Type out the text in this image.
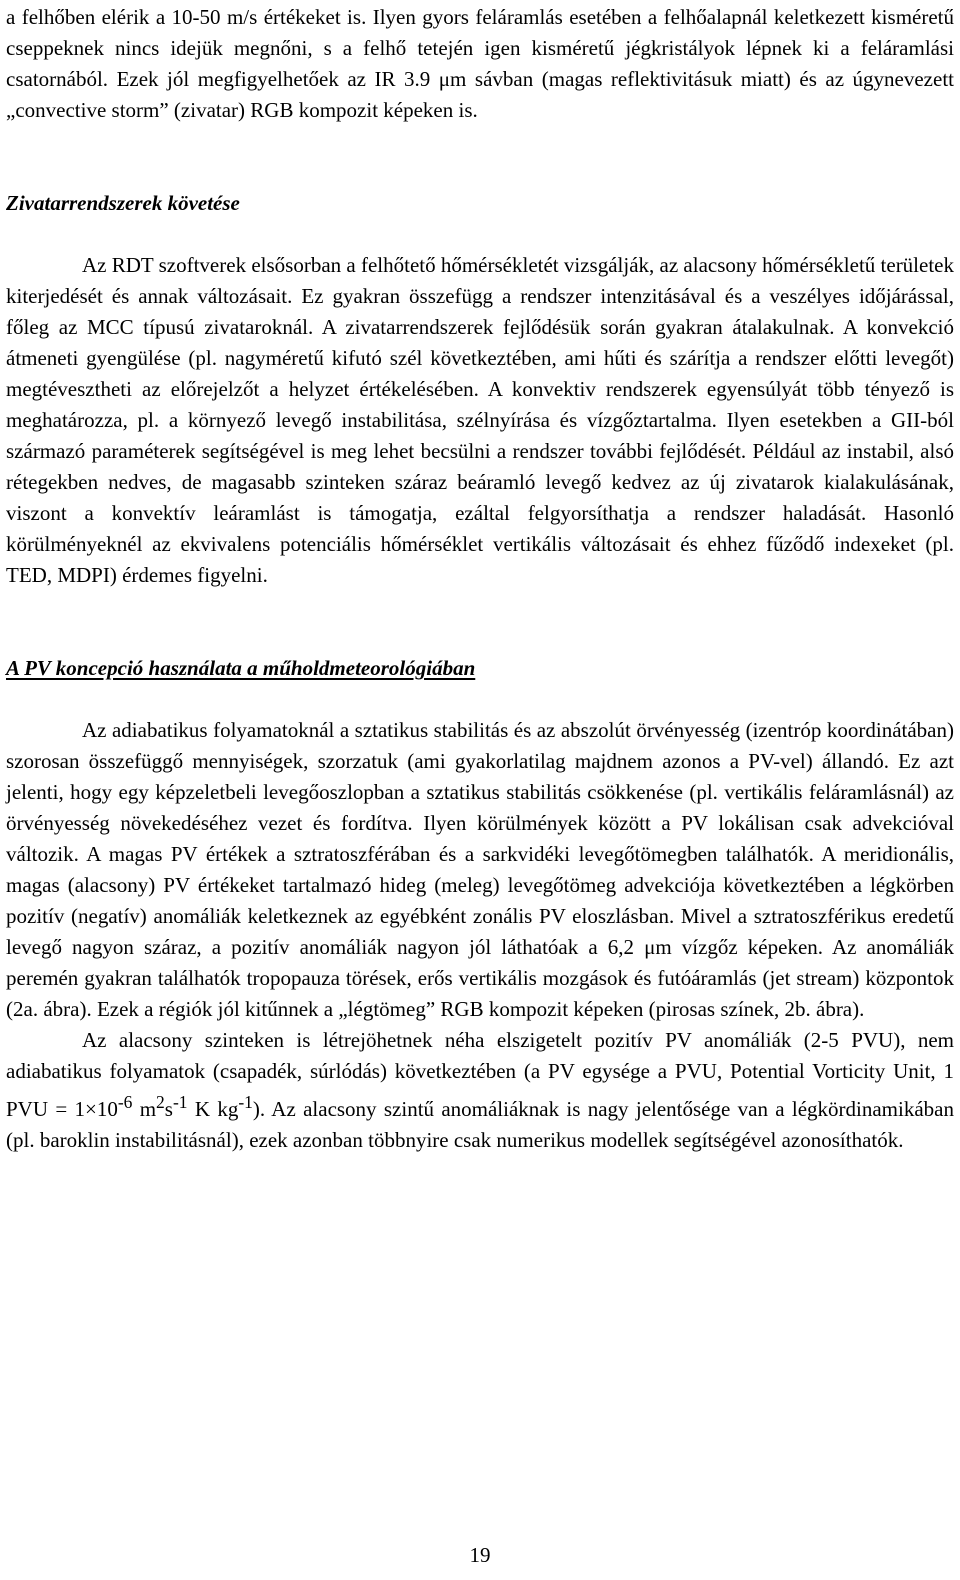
a felhőben elérik a 10-50 m/s értékeket is. Ilyen gyors feláramlás esetében a felhőalapnál keletkezett kisméretű cseppeknek nincs idejük megnőni, s a felhő tetején igen kisméretű jégkristályok lépnek ki a feláramlási csatornából. Ezek jól megfigyelhetőek az IR 3.9 μm sávban (magas reflektivitásuk miatt) és az úgynevezett „convective storm” (zivatar) RGB kompozit képeken is.

Zivatarrendszerek követése

Az RDT szoftverek elsősorban a felhőtető hőmérsékletét vizsgálják, az alacsony hőmérsékletű területek kiterjedését és annak változásait. Ez gyakran összefügg a rendszer intenzitásával és a veszélyes időjárással, főleg az MCC típusú zivataroknál. A zivatarrendszerek fejlődésük során gyakran átalakulnak. A konvekció átmeneti gyengülése (pl. nagyméretű kifutó szél következtében, ami hűti és szárítja a rendszer előtti levegőt) megtévesztheti az előrejelzőt a helyzet értékelésében. A konvektiv rendszerek egyensúlyát több tényező is meghatározza, pl. a környező levegő instabilitása, szélnyírása és vízgőztartalma. Ilyen esetekben a GII-ból származó paraméterek segítségével is meg lehet becsülni a rendszer további fejlődését. Például az instabil, alsó rétegekben nedves, de magasabb szinteken száraz beáramló levegő kedvez az új zivatarok kialakulásának, viszont a konvektív leáramlást is támogatja, ezáltal felgyorsíthatja a rendszer haladását. Hasonló körülményeknél az ekvivalens potenciális hőmérséklet vertikális változásait és ehhez fűződő indexeket (pl. TED, MDPI) érdemes figyelni.

A PV koncepció használata a műholdmeteorológiában

Az adiabatikus folyamatoknál a sztatikus stabilitás és az abszolút örvényesség (izentróp koordinátában) szorosan összefüggő mennyiségek, szorzatuk (ami gyakorlatilag majdnem azonos a PV-vel) állandó. Ez azt jelenti, hogy egy képzeletbeli levegőoszlopban a sztatikus stabilitás csökkenése (pl. vertikális feláramlásnál) az örvényesség növekedéséhez vezet és fordítva. Ilyen körülmények között a PV lokálisan csak advekcióval változik. A magas PV értékek a sztratoszférában és a sarkvidéki levegőtömegben találhatók. A meridionális, magas (alacsony) PV értékeket tartalmazó hideg (meleg) levegőtömeg advekciója következtében a légkörben pozitív (negatív) anomáliák keletkeznek az egyébként zonális PV eloszlásban. Mivel a sztratoszférikus eredetű levegő nagyon száraz, a pozitív anomáliák nagyon jól láthatóak a 6,2 μm vízgőz képeken. Az anomáliák peremén gyakran találhatók tropopauza törések, erős vertikális mozgások és futóáramlás (jet stream) központok (2a. ábra). Ezek a régiók jól kitűnnek a „légtömeg” RGB kompozit képeken (pirosas színek, 2b. ábra).

Az alacsony szinteken is létrejöhetnek néha elszigetelt pozitív PV anomáliák (2-5 PVU), nem adiabatikus folyamatok (csapadék, súrlódás) következtében (a PV egysége a PVU, Potential Vorticity Unit, 1 PVU = $1\times 10^{-6}$ $m^2s^{-1}$ K $kg^{-1}$). Az alacsony szintű anomáliáknak is nagy jelentősége van a légkördinamikában (pl. baroklin instabilitásnál), ezek azonban többnyire csak numerikus modellek segítségével azonosíthatók.

19
